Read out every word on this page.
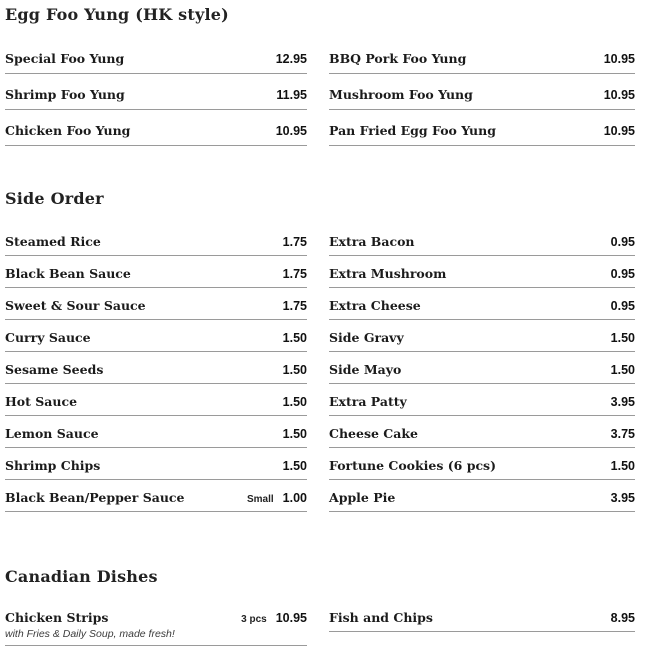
Egg Foo Yung (HK style)
Special Foo Yung	12.95
Shrimp Foo Yung	11.95
Chicken Foo Yung	10.95
BBQ Pork Foo Yung	10.95
Mushroom Foo Yung	10.95
Pan Fried Egg Foo Yung	10.95
Side Order
Steamed Rice	1.75
Black Bean Sauce	1.75
Sweet & Sour Sauce	1.75
Curry Sauce	1.50
Sesame Seeds	1.50
Hot Sauce	1.50
Lemon Sauce	1.50
Shrimp Chips	1.50
Black Bean/Pepper Sauce	Small 1.00
Extra Bacon	0.95
Extra Mushroom	0.95
Extra Cheese	0.95
Side Gravy	1.50
Side Mayo	1.50
Extra Patty	3.95
Cheese Cake	3.75
Fortune Cookies (6 pcs)	1.50
Apple Pie	3.95
Canadian Dishes
Chicken Strips	3 pcs 10.95
with Fries & Daily Soup, made fresh!
Fish and Chips	8.95
